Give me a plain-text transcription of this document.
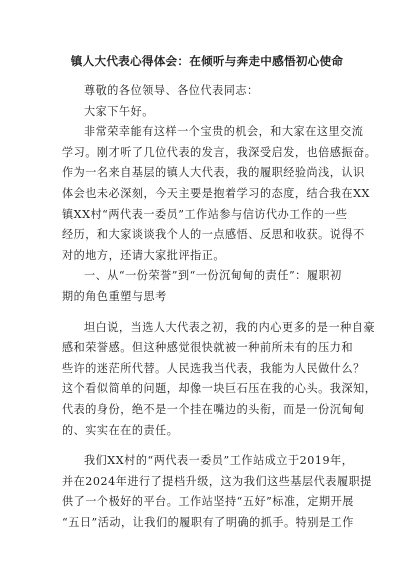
镇人大代表心得体会：在倾听与奔走中感悟初心使命

尊敬的各位领导、各位代表同志：

大家下午好。

非常荣幸能有这样一个宝贵的机会，和大家在这里交流
学习。刚才听了几位代表的发言，我深受启发，也倍感振奋。
作为一名来自基层的镇人大代表，我的履职经验尚浅，认识
体会也未必深刻，今天主要是抱着学习的态度，结合我在XX
镇XX村“两代表一委员”工作站参与信访代办工作的一些
经历，和大家谈谈我个人的一点感悟、反思和收获。说得不
对的地方，还请大家批评指正。

一、从“一份荣誉”到“一份沉甸甸的责任”：履职初
期的角色重塑与思考

坦白说，当选人大代表之初，我的内心更多的是一种自豪
感和荣誉感。但这种感觉很快就被一种前所未有的压力和
些许的迷茫所代替。人民选我当代表，我能为人民做什么？
这个看似简单的问题，却像一块巨石压在我的心头。我深知，
代表的身份，绝不是一个挂在嘴边的头衔，而是一份沉甸甸
的、实实在在的责任。

我们XX村的“两代表一委员”工作站成立于2019年，
并在2024年进行了提档升级，这为我们这些基层代表履职提
供了一个极好的平台。工作站坚持“五好”标准，定期开展
“五日”活动，让我们的履职有了明确的抓手。特别是工作
